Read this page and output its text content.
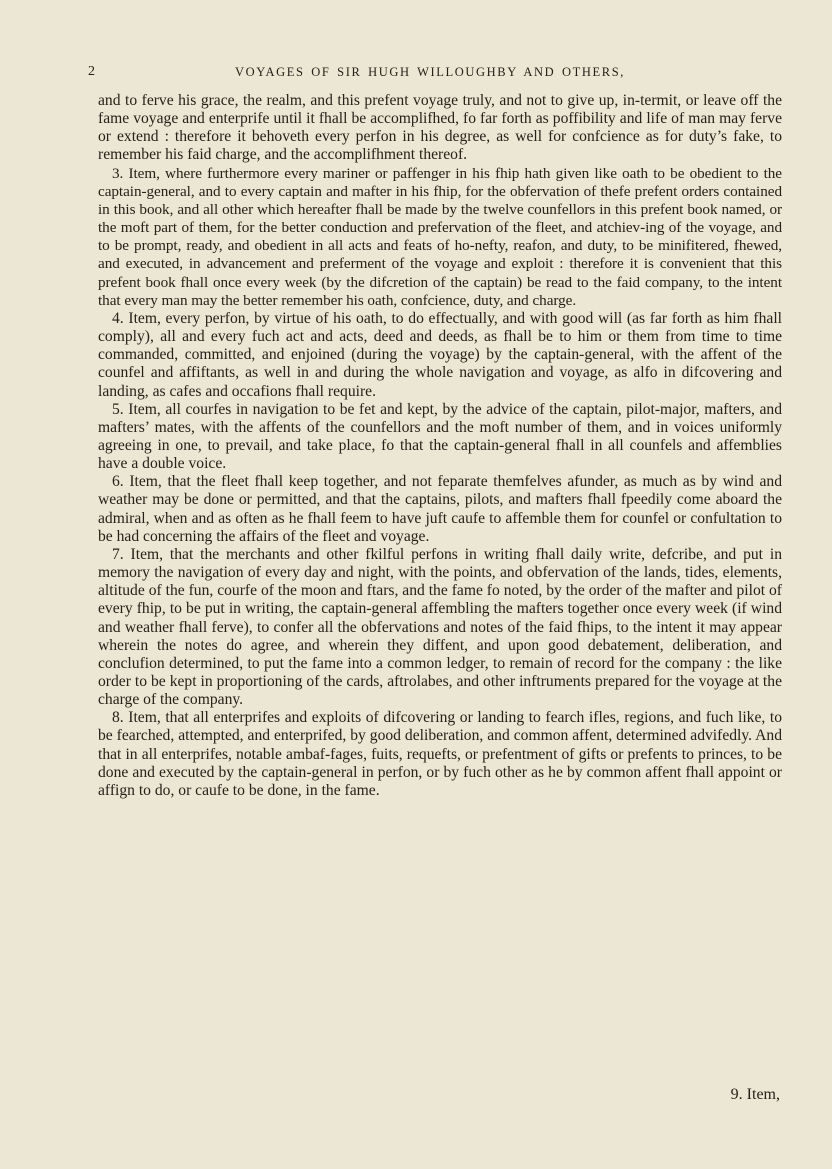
2	VOYAGES OF SIR HUGH WILLOUGHBY AND OTHERS,

and to ferve his grace, the realm, and this prefent voyage truly, and not to give up, in-termit, or leave off the fame voyage and enterprife until it fhall be accomplifhed, fo far forth as poffibility and life of man may ferve or extend : therefore it behoveth every perfon in his degree, as well for confcience as for duty’s fake, to remember his faid charge, and the accomplifhment thereof.

3. Item, where furthermore every mariner or paffenger in his fhip hath given like oath to be obedient to the captain-general, and to every captain and mafter in his fhip, for the obfervation of thefe prefent orders contained in this book, and all other which hereafter fhall be made by the twelve counfellors in this prefent book named, or the moft part of them, for the better conduction and prefervation of the fleet, and atchiev-ing of the voyage, and to be prompt, ready, and obedient in all acts and feats of ho-nefty, reafon, and duty, to be minifitered, fhewed, and executed, in advancement and preferment of the voyage and exploit : therefore it is convenient that this prefent book fhall once every week (by the difcretion of the captain) be read to the faid company, to the intent that every man may the better remember his oath, confcience, duty, and charge.

4. Item, every perfon, by virtue of his oath, to do effectually, and with good will (as far forth as him fhall comply), all and every fuch act and acts, deed and deeds, as fhall be to him or them from time to time commanded, committed, and enjoined (during the voyage) by the captain-general, with the affent of the counfel and affiftants, as well in and during the whole navigation and voyage, as alfo in difcovering and landing, as cafes and occafions fhall require.

5. Item, all courfes in navigation to be fet and kept, by the advice of the captain, pilot-major, mafters, and mafters’ mates, with the affents of the counfellors and the moft number of them, and in voices uniformly agreeing in one, to prevail, and take place, fo that the captain-general fhall in all counfels and affemblies have a double voice.

6. Item, that the fleet fhall keep together, and not feparate themfelves afunder, as much as by wind and weather may be done or permitted, and that the captains, pilots, and mafters fhall fpeedily come aboard the admiral, when and as often as he fhall feem to have juft caufe to affemble them for counfel or confultation to be had concerning the affairs of the fleet and voyage.

7. Item, that the merchants and other fkilful perfons in writing fhall daily write, defcribe, and put in memory the navigation of every day and night, with the points, and obfervation of the lands, tides, elements, altitude of the fun, courfe of the moon and ftars, and the fame fo noted, by the order of the mafter and pilot of every fhip, to be put in writing, the captain-general affembling the mafters together once every week (if wind and weather fhall ferve), to confer all the obfervations and notes of the faid fhips, to the intent it may appear wherein the notes do agree, and wherein they diffent, and upon good debatement, deliberation, and conclufion determined, to put the fame into a common ledger, to remain of record for the company : the like order to be kept in proportioning of the cards, aftrolabes, and other inftruments prepared for the voyage at the charge of the company.

8. Item, that all enterprifes and exploits of difcovering or landing to fearch ifles, regions, and fuch like, to be fearched, attempted, and enterprifed, by good deliberation, and common affent, determined advifedly. And that in all enterprifes, notable ambaf-fages, fuits, requefts, or prefentment of gifts or prefents to princes, to be done and executed by the captain-general in perfon, or by fuch other as he by common affent fhall appoint or affign to do, or caufe to be done, in the fame.

9. Item,
